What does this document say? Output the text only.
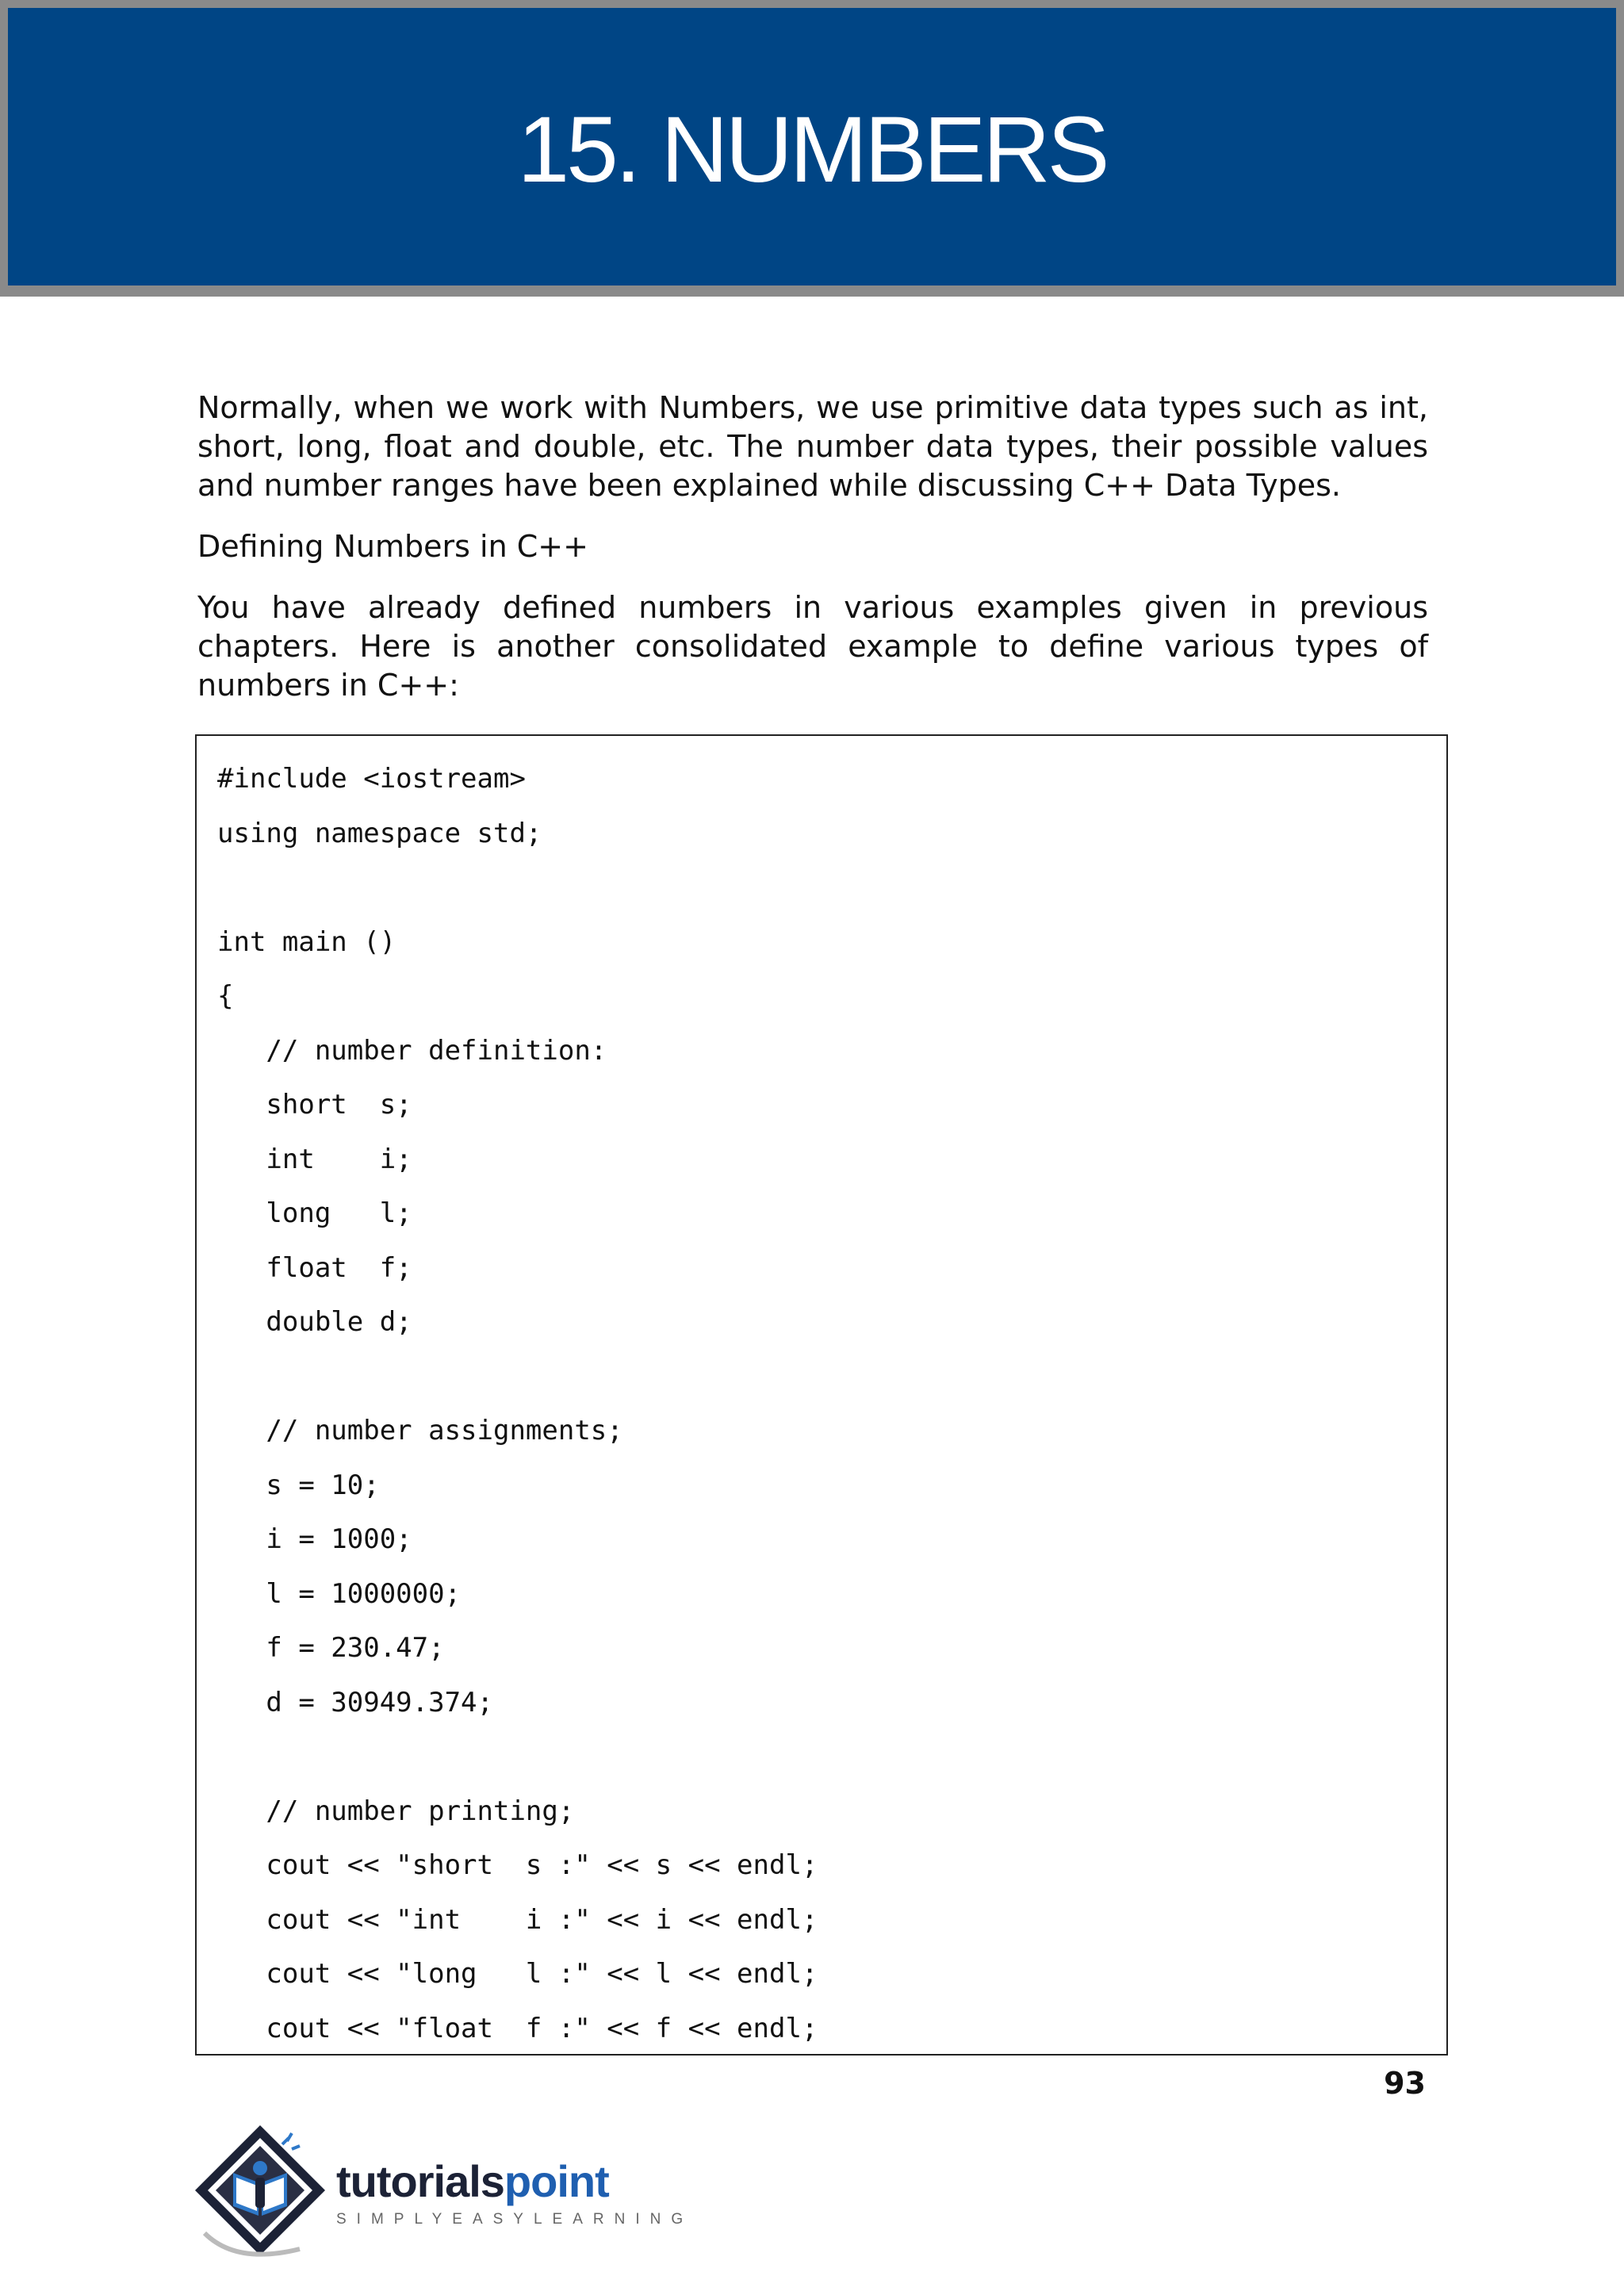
15. NUMBERS

Normally, when we work with Numbers, we use primitive data types such as int, short, long, float and double, etc. The number data types, their possible values and number ranges have been explained while discussing C++ Data Types.

Defining Numbers in C++

You have already defined numbers in various examples given in previous chapters. Here is another consolidated example to define various types of numbers in C++:

#include <iostream>
using namespace std;
int main ()
{
// number definition:
short  s;
int    i;
long   l;
float  f;
double d;
// number assignments;
s = 10;
i = 1000;
l = 1000000;
f = 230.47;
d = 30949.374;
// number printing;
cout << "short  s :" << s << endl;
cout << "int    i :" << i << endl;
cout << "long   l :" << l << endl;
cout << "float  f :" << f << endl;
93
tutorialspoint
SIMPLYEASYLEARNING
